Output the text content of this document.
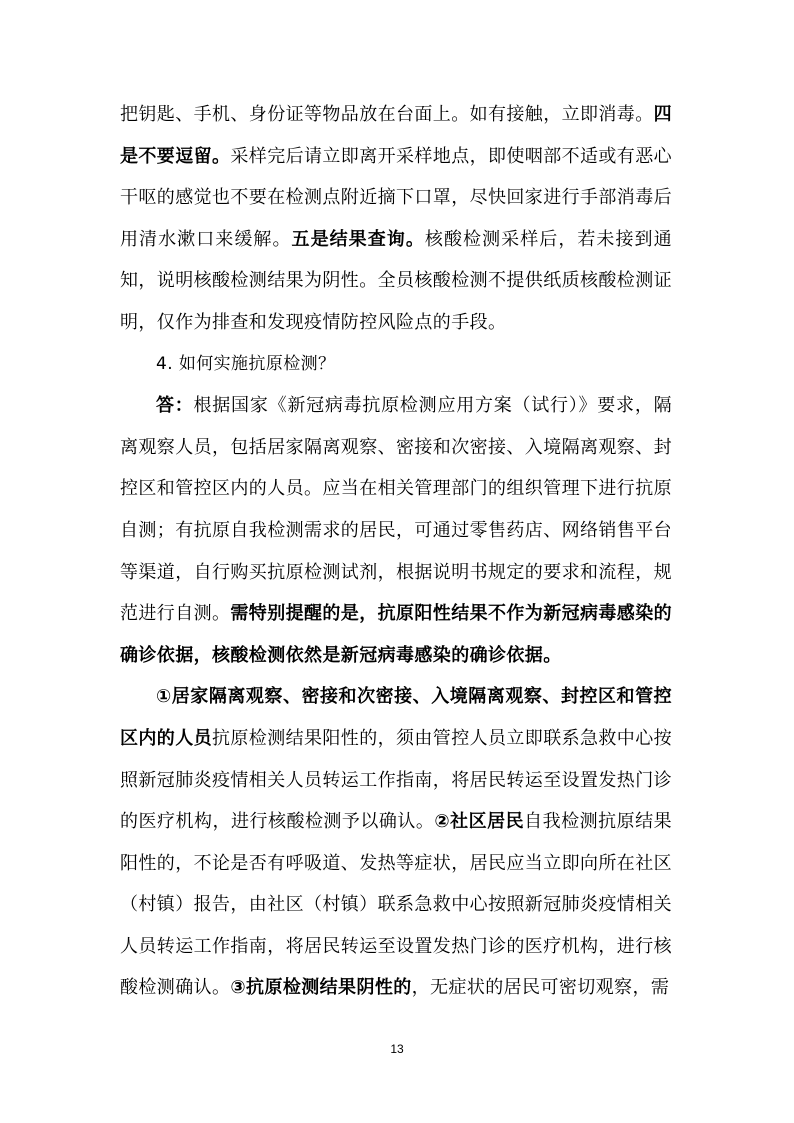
把钥匙、手机、身份证等物品放在台面上。如有接触，立即消毒。四是不要逗留。采样完后请立即离开采样地点，即使咽部不适或有恶心干呕的感觉也不要在检测点附近摘下口罩，尽快回家进行手部消毒后用清水漱口来缓解。五是结果查询。核酸检测采样后，若未接到通知，说明核酸检测结果为阴性。全员核酸检测不提供纸质核酸检测证明，仅作为排查和发现疫情防控风险点的手段。

4. 如何实施抗原检测？

答：根据国家《新冠病毒抗原检测应用方案（试行）》要求，隔离观察人员，包括居家隔离观察、密接和次密接、入境隔离观察、封控区和管控区内的人员。应当在相关管理部门的组织管理下进行抗原自测；有抗原自我检测需求的居民，可通过零售药店、网络销售平台等渠道，自行购买抗原检测试剂，根据说明书规定的要求和流程，规范进行自测。需特别提醒的是，抗原阳性结果不作为新冠病毒感染的确诊依据，核酸检测依然是新冠病毒感染的确诊依据。

①居家隔离观察、密接和次密接、入境隔离观察、封控区和管控区内的人员抗原检测结果阳性的，须由管控人员立即联系急救中心按照新冠肺炎疫情相关人员转运工作指南，将居民转运至设置发热门诊的医疗机构，进行核酸检测予以确认。②社区居民自我检测抗原结果阳性的，不论是否有呼吸道、发热等症状，居民应当立即向所在社区（村镇）报告，由社区（村镇）联系急救中心按照新冠肺炎疫情相关人员转运工作指南，将居民转运至设置发热门诊的医疗机构，进行核酸检测确认。③抗原检测结果阴性的，无症状的居民可密切观察，需

13
